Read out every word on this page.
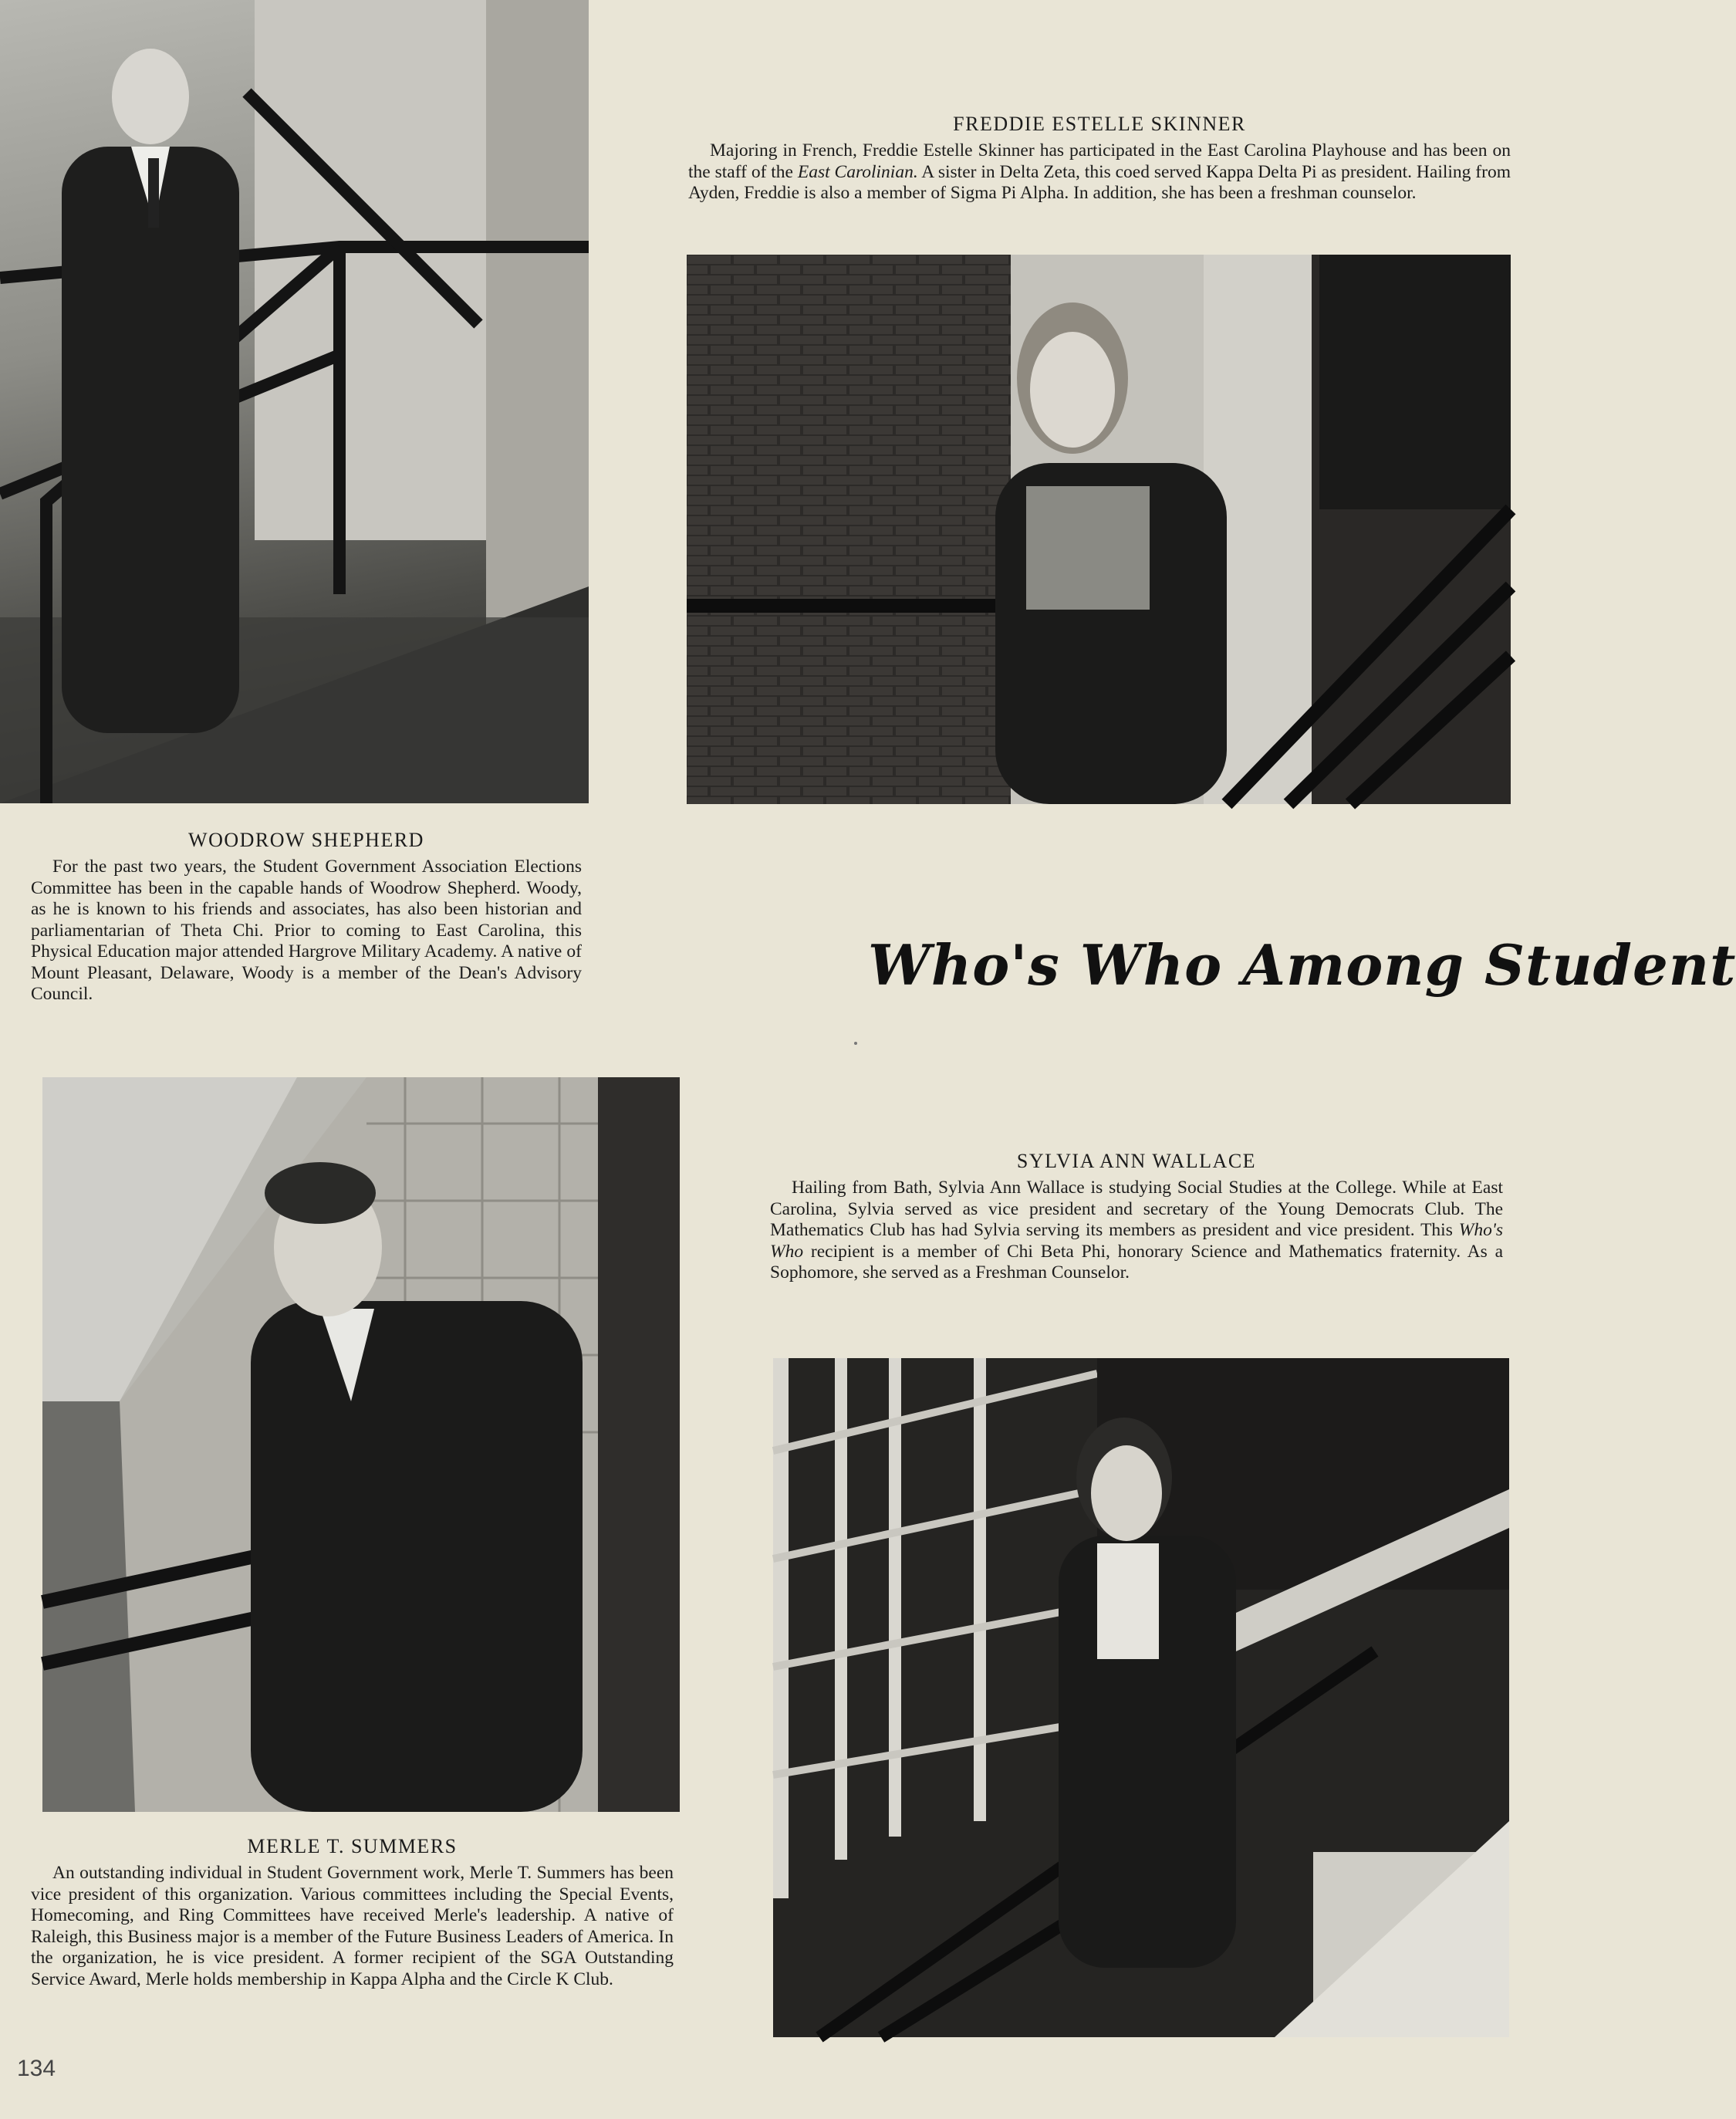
FREDDIE ESTELLE SKINNER

Majoring in French, Freddie Estelle Skinner has participated in the East Carolina Playhouse and has been on the staff of the East Carolinian. A sister in Delta Zeta, this coed served Kappa Delta Pi as president. Hailing from Ayden, Freddie is also a member of Sigma Pi Alpha. In addition, she has been a freshman counselor.

WOODROW SHEPHERD

For the past two years, the Student Government Association Elections Committee has been in the capable hands of Woodrow Shepherd. Woody, as he is known to his friends and associates, has also been historian and parliamentarian of Theta Chi. Prior to coming to East Carolina, this Physical Education major attended Hargrove Military Academy. A native of Mount Pleasant, Delaware, Woody is a member of the Dean's Advisory Council.	Who's Who Among Student

SYLVIA ANN WALLACE

Hailing from Bath, Sylvia Ann Wallace is studying Social Studies at the College. While at East Carolina, Sylvia served as vice president and secretary of the Young Democrats Club. The Mathematics Club has had Sylvia serving its members as president and vice president. This Who's Who recipient is a member of Chi Beta Phi, honorary Science and Mathematics fraternity. As a Sophomore, she served as a Freshman Counselor.

MERLE T. SUMMERS

An outstanding individual in Student Government work, Merle T. Summers has been vice president of this organization. Various committees including the Special Events, Homecoming, and Ring Committees have received Merle's leadership. A native of Raleigh, this Business major is a member of the Future Business Leaders of America. In the organization, he is vice president. A former recipient of the SGA Outstanding Service Award, Merle holds membership in Kappa Alpha and the Circle K Club.

134
